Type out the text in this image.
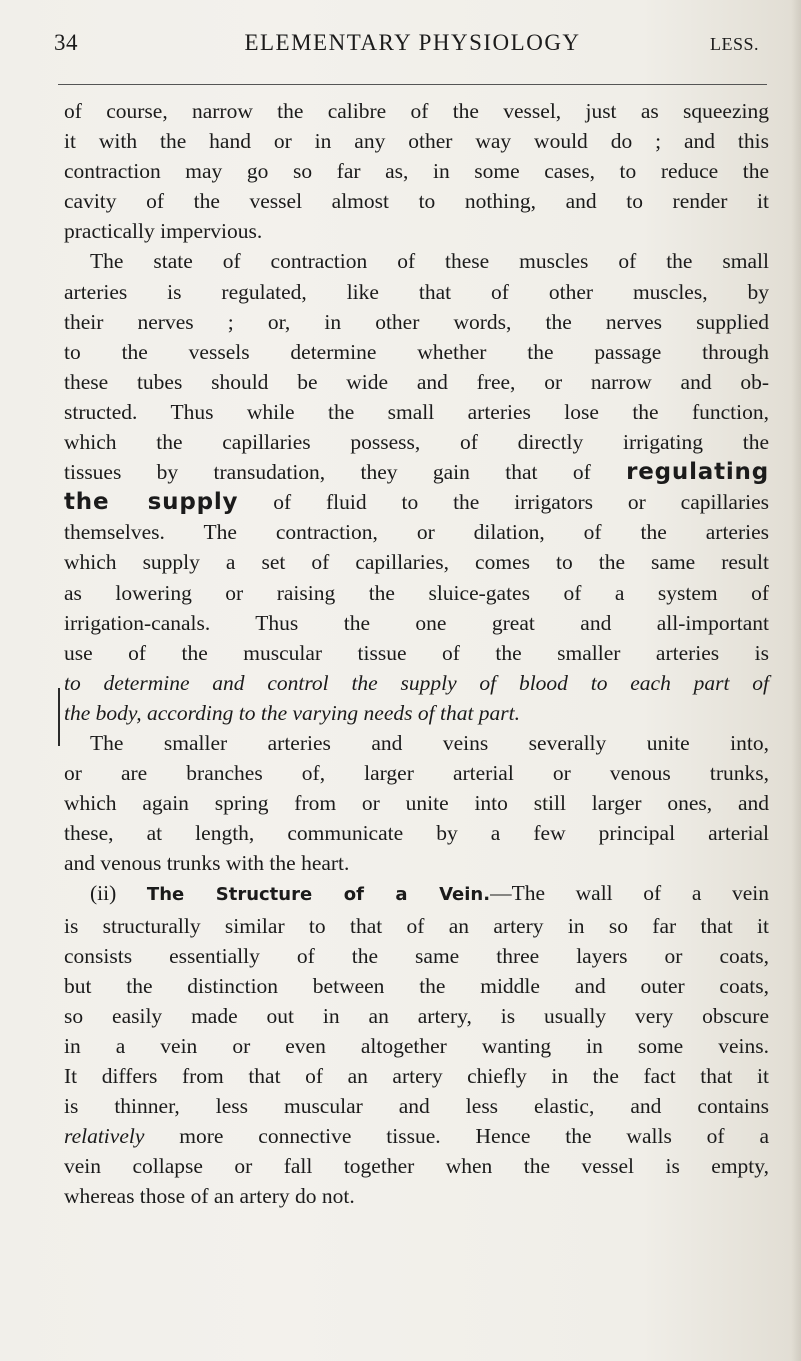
34	ELEMENTARY PHYSIOLOGY	LESS.

of course, narrow the calibre of the vessel, just as squeezing
it with the hand or in any other way would do ; and this
contraction may go so far as, in some cases, to reduce the
cavity of the vessel almost to nothing, and to render it
practically impervious.

The state of contraction of these muscles of the small
arteries is regulated, like that of other muscles, by
their nerves ; or, in other words, the nerves supplied
to the vessels determine whether the passage through
these tubes should be wide and free, or narrow and ob-
structed. Thus while the small arteries lose the function,
which the capillaries possess, of directly irrigating the
tissues by transudation, they gain that of regulating
the supply of fluid to the irrigators or capillaries
themselves. The contraction, or dilation, of the arteries
which supply a set of capillaries, comes to the same result
as lowering or raising the sluice-gates of a system of
irrigation-canals. Thus the one great and all-important
use of the muscular tissue of the smaller arteries is
to determine and control the supply of blood to each part of
the body, according to the varying needs of that part.

The smaller arteries and veins severally unite into,
or are branches of, larger arterial or venous trunks,
which again spring from or unite into still larger ones, and
these, at length, communicate by a few principal arterial
and venous trunks with the heart.

(ii) The Structure of a Vein.—The wall of a vein
is structurally similar to that of an artery in so far that it
consists essentially of the same three layers or coats,
but the distinction between the middle and outer coats,
so easily made out in an artery, is usually very obscure
in a vein or even altogether wanting in some veins.
It differs from that of an artery chiefly in the fact that it
is thinner, less muscular and less elastic, and contains
relatively more connective tissue. Hence the walls of a
vein collapse or fall together when the vessel is empty,
whereas those of an artery do not.
